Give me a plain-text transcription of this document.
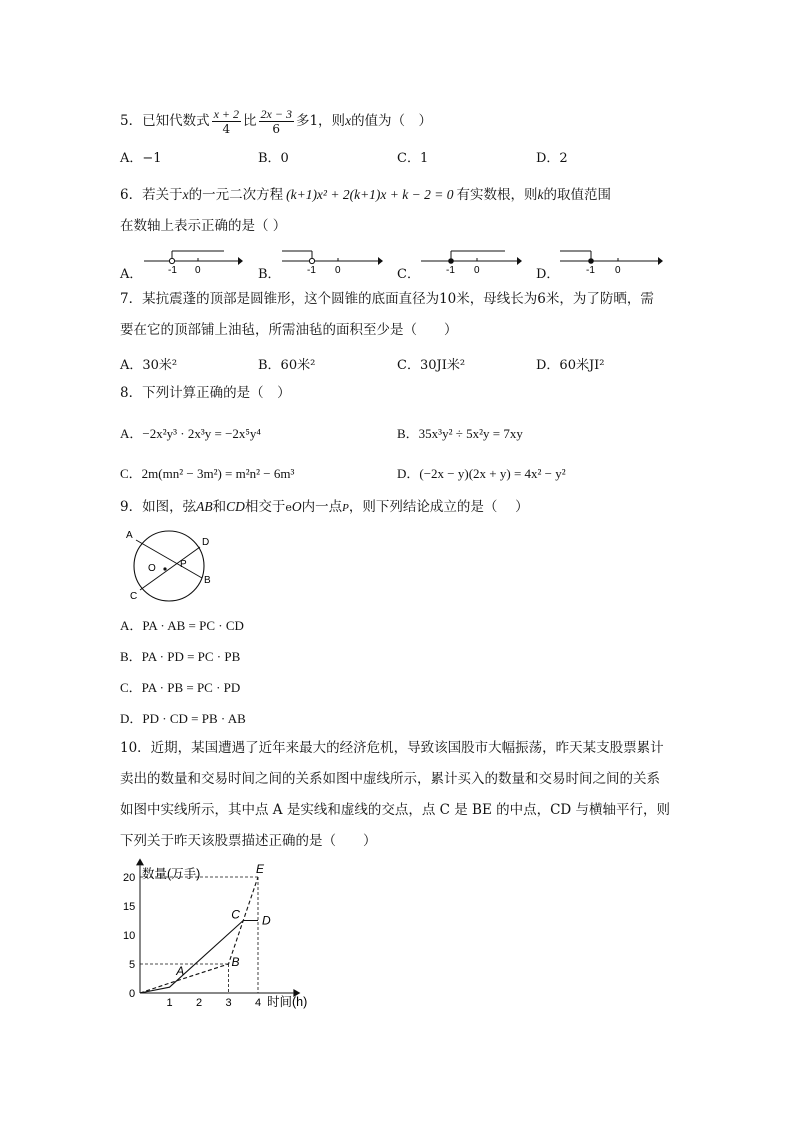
5．已知代数式 $\frac{x + 2}{4}$ 比 $\frac{2x - 3}{6}$ 多1，则x的值为（　）
A．−1	B．0	C．1	D．2
6．若关于x的一元二次方程 (k+1)x² + 2(k+1)x + k − 2 = 0 有实数根，则k的取值范围
在数轴上表示正确的是（ ）
A．	-1 0	B．	-1 0	C．	-1 0	D．	-1 0
7．某抗震蓬的顶部是圆锥形，这个圆锥的底面直径为10米，母线长为6米，为了防晒，需
要在它的顶部铺上油毡，所需油毡的面积至少是（　　）
A．30米²	B．60米²	C．30JI米²	D．60米JI²
8．下列计算正确的是（　）
A．−2x²y³ · 2x³y = −2x⁵y⁴	B．35x³y² ÷ 5x²y = 7xy
C．2m(mn² − 3m²) = m²n² − 6m³	D．(−2x − y)(2x + y) = 4x² − y²
9．如图，弦AB和CD相交于eO内一点P，则下列结论成立的是（　 ）
A
D
O P
C
B
A．PA · AB = PC · CD
B．PA · PD = PC · PB
C．PA · PB = PC · PD
D．PD · CD = PB · AB
10．近期，某国遭遇了近年来最大的经济危机，导致该国股市大幅振荡，昨天某支股票累计
卖出的数量和交易时间之间的关系如图中虚线所示，累计买入的数量和交易时间之间的关系
如图中实线所示，其中点 A 是实线和虚线的交点，点 C 是 BE 的中点，CD 与横轴平行，则
下列关于昨天该股票描述正确的是（　　）
1 2 3 4
0
5
10
15
20
A
B
C D
E
数量(万手)
时间(h)
